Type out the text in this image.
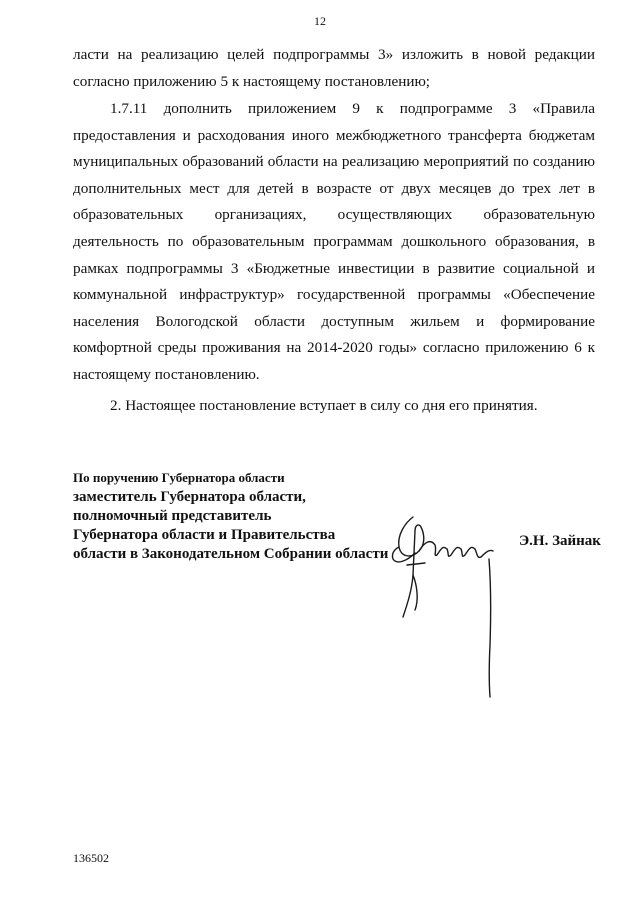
12

ласти на реализацию целей подпрограммы 3» изложить в новой редакции согласно приложению 5 к настоящему постановлению;

1.7.11 дополнить приложением 9 к подпрограмме 3 «Правила предоставления и расходования иного межбюджетного трансферта бюджетам муниципальных образований области на реализацию мероприятий по созданию дополнительных мест для детей в возрасте от двух месяцев до трех лет в образовательных организациях, осуществляющих образовательную деятельность по образовательным программам дошкольного образования, в рамках подпрограммы 3 «Бюджетные инвестиции в развитие социальной и коммунальной инфраструктур» государственной программы «Обеспечение населения Вологодской области доступным жильем и формирование комфортной среды проживания на 2014-2020 годы» согласно приложению 6 к настоящему постановлению.

2. Настоящее постановление вступает в силу со дня его принятия.

По поручению Губернатора области
заместитель Губернатора области,
полномочный представитель
Губернатора области и Правительства
области в Законодательном Собрании области
Э.Н. Зайнак
136502
